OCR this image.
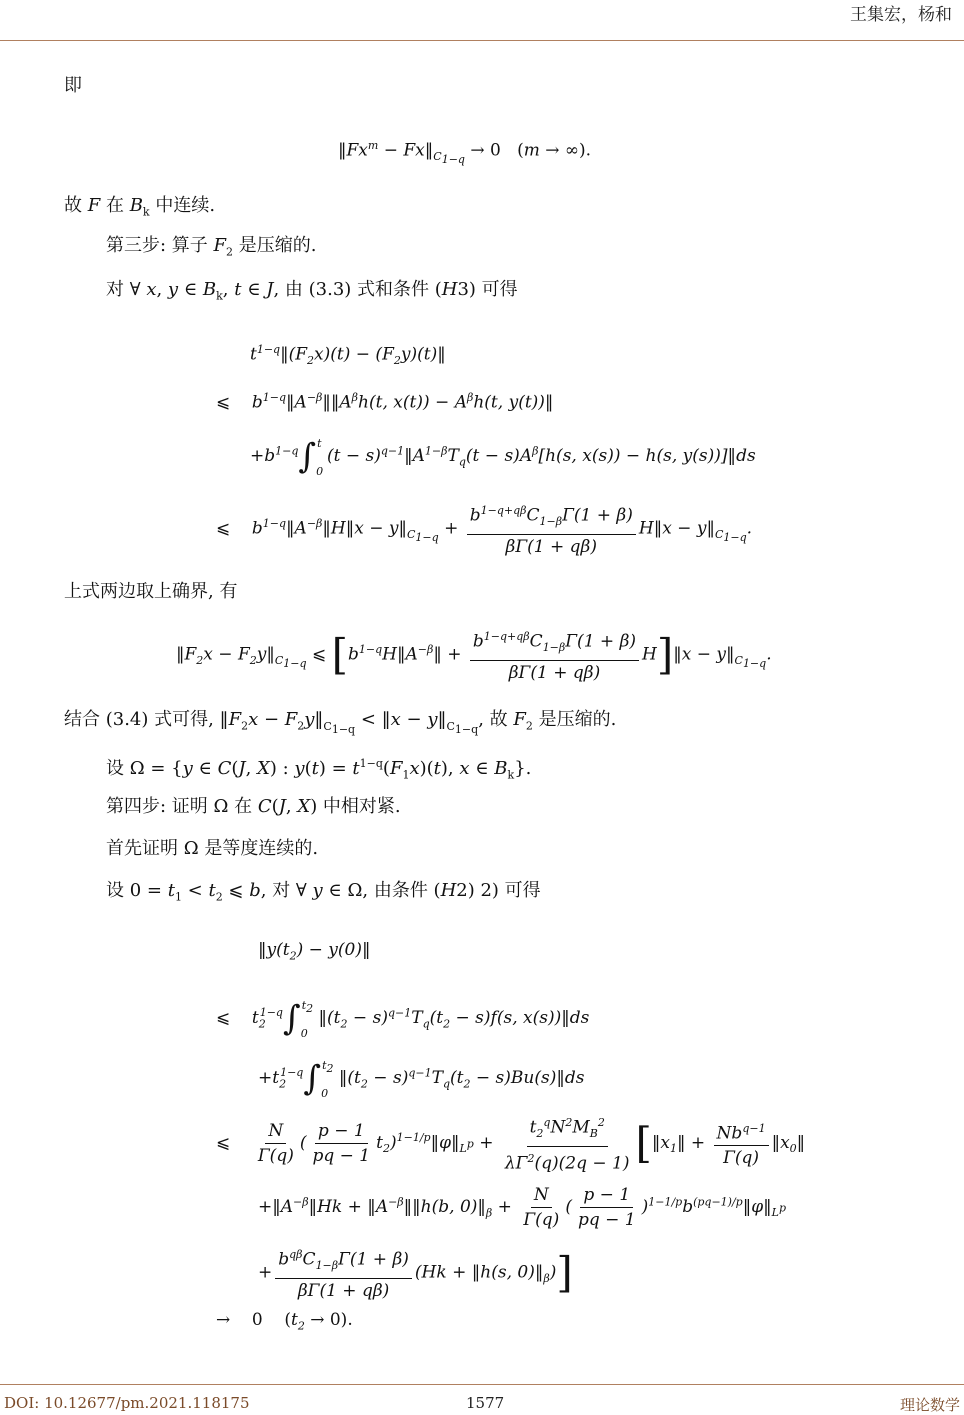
王集宏，杨和
即
$‖Fx^m$ − $Fx‖_{C_{1-q}} \to 0$ (m → ∞).
故 F 在 $B_k$ 中连续.
第三步: 算子 $F_2$ 是压缩的.
对 ∀ x, y ∈ $B_k$, t ∈ J, 由 (3.3) 式和条件 (H3) 可得
$t^{1-q}‖(F_2x)(t)$ − $(F_2y)(t)‖$
⩽ $b^{1-q}‖A^{-\beta}‖‖A^\beta h(t$, $x(t)) - A^\beta h(t$, y(t))‖
$+b^{1-q}\int_0^t$ $(t - s)^{q-1}‖A^{1-\beta}T_q(t - s)A^\beta[h(s$, x(s)) − h(s, y(s))]‖ds
⩽ $b^{1-q}‖A^{-\beta}‖H‖x$ − $y‖_{C_{1-q}} + \frac{b^{1-q+q\beta}C_{1-\beta}\Gamma(1 + \beta)}{\beta\Gamma(1 + q\beta)}$ H‖x − $y‖_{C_{1-q}}$.
上式两边取上确界, 有
$‖F_2x$ − $F_2y‖_{C_{1-q}}$ ⩽ [$b^{1-q}H‖A^{-\beta}‖ + \frac{b^{1-q+q\beta}C_{1-\beta}\Gamma(1 + \beta)}{\beta\Gamma(1 + q\beta)}$ H]‖x − $y‖_{C_{1-q}}$.
结合 (3.4) 式可得, $‖F_2x$ − $F_2y‖_{C_{1-q}}$ < ‖x − $y‖_{C_{1-q}}$, 故 $F_2$ 是压缩的.
设 Ω = {y ∈ C(J, X) : $y(t) = t^{1-q}(F_1x)(t)$, x ∈ $B_k$}.
第四步: 证明 Ω 在 C(J, X) 中相对紧.
首先证明 Ω 是等度连续的.
设 $0 = t_1 < t_2$ ⩽ b, 对 ∀ y ∈ Ω, 由条件 (H2) 2) 可得
$‖y(t_2)$ − y(0)‖
⩽ $t_2^{1-q}\int_0^{t_2}$ $‖(t_2 - s)^{q-1}T_q(t_2 - s)f(s$, x(s))‖ds
$+t_2^{1-q}\int_0^{t_2}$ $‖(t_2 - s)^{q-1}T_q(t_2$ − s)Bu(s)‖ds
⩽ $\frac{N}{\Gamma(q)}$ ( $\frac{p - 1}{pq - 1}$ $t_2)^{1-1/p}‖\varphi‖_{L^p} + \frac{t_2^qN^2M_B^2}{\lambda\Gamma^2(q)(2q - 1)}$ [$‖x_1‖ + \frac{Nb^{q-1}}{\Gamma(q)}$ $‖x_0‖$
$+‖A^{-\beta}‖Hk$ + $‖A^{-\beta}‖‖h(b$, $0)‖_\beta + \frac{N}{\Gamma(q)}$ ( $\frac{p - 1}{pq - 1}$ )$^{1-1/p}b^{(pq-1)/p}‖\varphi‖_{L^p}$
+ $\frac{b^{q\beta}C_{1-\beta}\Gamma(1 + \beta)}{\beta\Gamma(1 + q\beta)} (Hk$ + ‖h(s, $0)‖_\beta$)]
→ 0 $(t_2 \to 0)$.
DOI: 10.12677/pm.2021.118175	1577	理论数学
